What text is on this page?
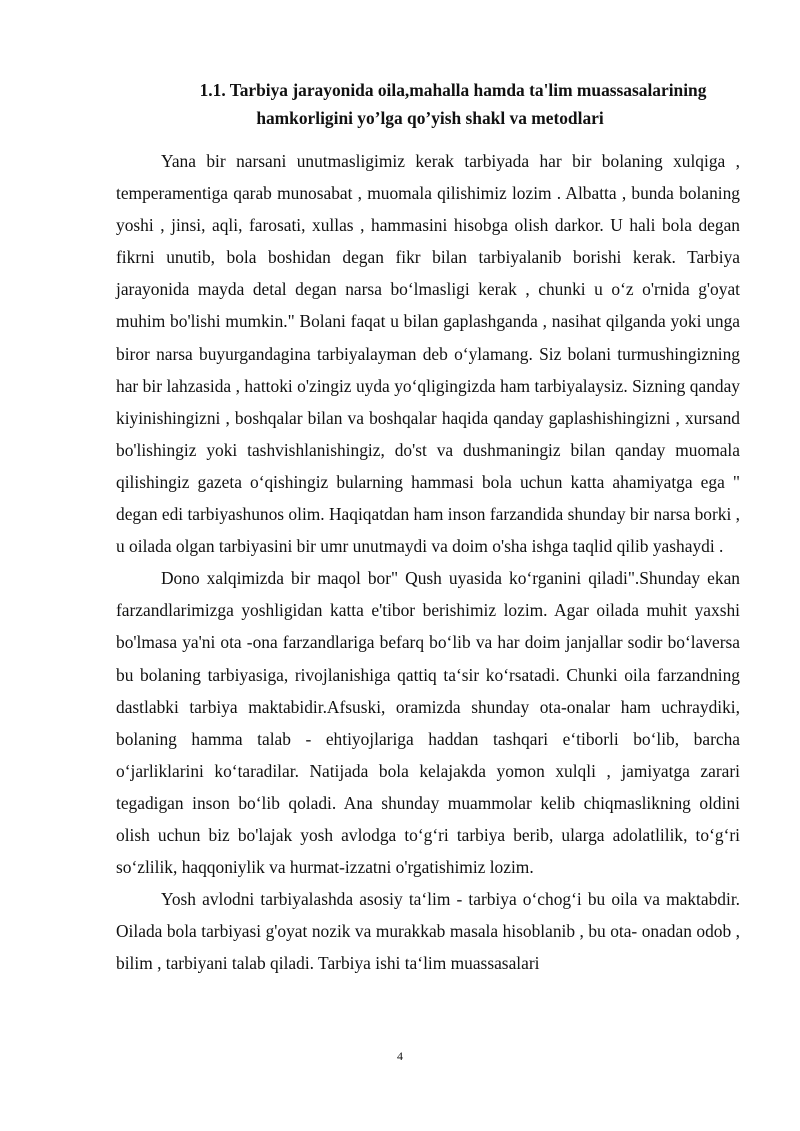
1.1. Tarbiya jarayonida oila,mahalla hamda ta'lim muassasalarining
hamkorligini yo’lga qo’yish shakl va metodlari

Yana bir narsani unutmasligimiz kerak tarbiyada har bir bolaning xulqiga , temperamentiga qarab munosabat , muomala qilishimiz lozim . Albatta , bunda bolaning yoshi , jinsi, aqli, farosati, xullas , hammasini hisobga olish darkor. U hali bola degan fikrni unutib, bola boshidan degan fikr bilan tarbiyalanib borishi kerak. Tarbiya jarayonida mayda detal degan narsa bo‘lmasligi kerak , chunki u o‘z o'rnida g'oyat muhim bo'lishi mumkin." Bolani faqat u bilan gaplashganda , nasihat qilganda yoki unga biror narsa buyurgandagina tarbiyalayman deb o‘ylamang. Siz bolani turmushingizning har bir lahzasida , hattoki o'zingiz uyda yo‘qligingizda ham tarbiyalaysiz. Sizning qanday kiyinishingizni , boshqalar bilan va boshqalar haqida qanday gaplashishingizni , xursand bo'lishingiz yoki tashvishlanishingiz, do'st va dushmaningiz bilan qanday muomala qilishingiz gazeta o‘qishingiz bularning hammasi bola uchun katta ahamiyatga ega " degan edi tarbiyashunos olim. Haqiqatdan ham inson farzandida shunday bir narsa borki , u oilada olgan tarbiyasini bir umr unutmaydi va doim o'sha ishga taqlid qilib yashaydi .

Dono xalqimizda bir maqol bor" Qush uyasida ko‘rganini qiladi".Shunday ekan farzandlarimizga yoshligidan katta e'tibor berishimiz lozim. Agar oilada muhit yaxshi bo'lmasa ya'ni ota -ona farzandlariga befarq bo‘lib va har doim janjallar sodir bo‘laversa bu bolaning tarbiyasiga, rivojlanishiga qattiq ta‘sir ko‘rsatadi. Chunki oila farzandning dastlabki tarbiya maktabidir.Afsuski, oramizda shunday ota-onalar ham uchraydiki, bolaning hamma talab - ehtiyojlariga haddan tashqari e‘tiborli bo‘lib, barcha o‘jarliklarini ko‘taradilar. Natijada bola kelajakda yomon xulqli , jamiyatga zarari tegadigan inson bo‘lib qoladi. Ana shunday muammolar kelib chiqmaslikning oldini olish uchun biz bo'lajak yosh avlodga to‘g‘ri tarbiya berib, ularga adolatlilik, to‘g‘ri so‘zlilik, haqqoniylik va hurmat-izzatni o'rgatishimiz lozim.

Yosh avlodni tarbiyalashda asosiy ta‘lim - tarbiya o‘chog‘i bu oila va maktabdir. Oilada bola tarbiyasi g'oyat nozik va murakkab masala hisoblanib , bu ota- onadan odob , bilim , tarbiyani talab qiladi. Tarbiya ishi ta‘lim muassasalari

4
